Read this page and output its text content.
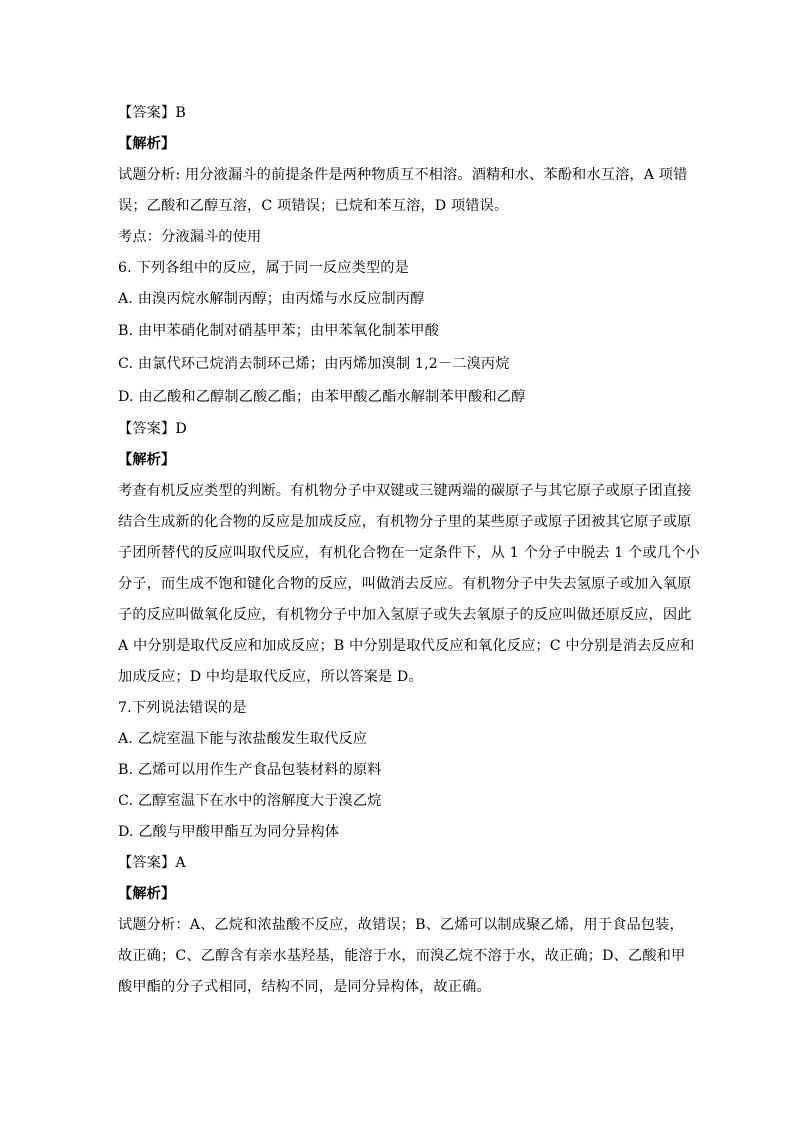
【答案】B
【解析】
试题分析: 用分液漏斗的前提条件是两种物质互不相溶。酒精和水、苯酚和水互溶，A 项错
误；乙酸和乙醇互溶，C 项错误；已烷和苯互溶，D 项错误。
考点：分液漏斗的使用
6. 下列各组中的反应，属于同一反应类型的是
A. 由溴丙烷水解制丙醇；由丙烯与水反应制丙醇
B. 由甲苯硝化制对硝基甲苯；由甲苯氧化制苯甲酸
C. 由氯代环己烷消去制环己烯；由丙烯加溴制 1,2－二溴丙烷
D. 由乙酸和乙醇制乙酸乙酯；由苯甲酸乙酯水解制苯甲酸和乙醇
【答案】D
【解析】
考查有机反应类型的判断。有机物分子中双键或三键两端的碳原子与其它原子或原子团直接
结合生成新的化合物的反应是加成反应，有机物分子里的某些原子或原子团被其它原子或原
子团所替代的反应叫取代反应，有机化合物在一定条件下，从 1 个分子中脱去 1 个或几个小
分子，而生成不饱和键化合物的反应，叫做消去反应。有机物分子中失去氢原子或加入氧原
子的反应叫做氧化反应，有机物分子中加入氢原子或失去氧原子的反应叫做还原反应，因此
A 中分别是取代反应和加成反应；B 中分别是取代反应和氧化反应；C 中分别是消去反应和
加成反应；D 中均是取代反应，所以答案是 D。
7.下列说法错误的是
A. 乙烷室温下能与浓盐酸发生取代反应
B. 乙烯可以用作生产食品包装材料的原料
C. 乙醇室温下在水中的溶解度大于溴乙烷
D. 乙酸与甲酸甲酯互为同分异构体
【答案】A
【解析】
试题分析：A、乙烷和浓盐酸不反应，故错误；B、乙烯可以制成聚乙烯，用于食品包装，
故正确；C、乙醇含有亲水基羟基，能溶于水，而溴乙烷不溶于水，故正确；D、乙酸和甲
酸甲酯的分子式相同，结构不同，是同分异构体，故正确。
